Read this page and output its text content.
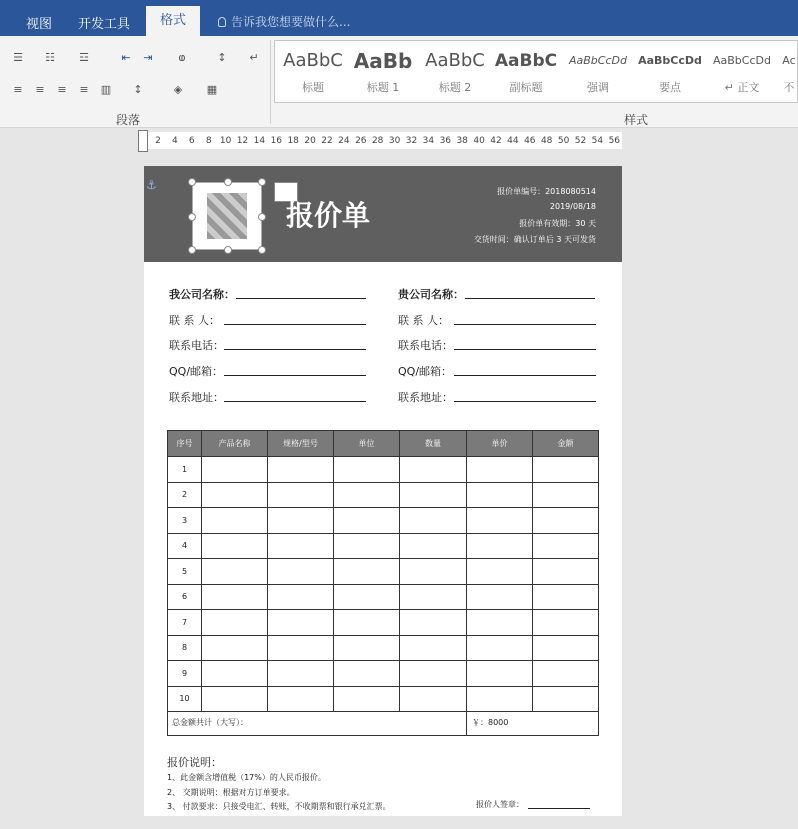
视图 开发工具	格式	告诉我您想要做什么...
☰ ☷ ☲	⇤	⇥	ⱷ	↕	↵
≡	≡	≡	≡	▥	↕	◈	▦
段落
AaBbC
标题
AaBb
标题 1
AaBbC
标题 2
AaBbC
副标题
AaBbCcDd
强调
AaBbCcDd
要点
AaBbCcDd
↵ 正文
Ac
不
样式
2 4 6 8 10 12 14 16 18 20 22 24 26 28 30 32 34 36 38 40 42 44 46 48 50 52 54 56
⚓
报价单
报价单编号：2018080514
2019/08/18
报价单有效期：30 天
交货时间：确认订单后 3 天可发货
我公司名称：
联 系 人：
联系电话：
QQ/邮箱：
联系地址：
贵公司名称：
联 系 人：
联系电话：
QQ/邮箱：
联系地址：
序号	产品名称	规格/型号	单位	数量	单价	金额
1						
2						
3						
4						
5						
6						
7						
8						
9						
10						
总金额共计（大写）：	￥：8000
报价说明：
1、此金额含增值税（17%）的人民币报价。
2、 交期说明：根据对方订单要求。
3、 付款要求：只接受电汇、转账，不收期票和银行承兑汇票。	报价人签章：
